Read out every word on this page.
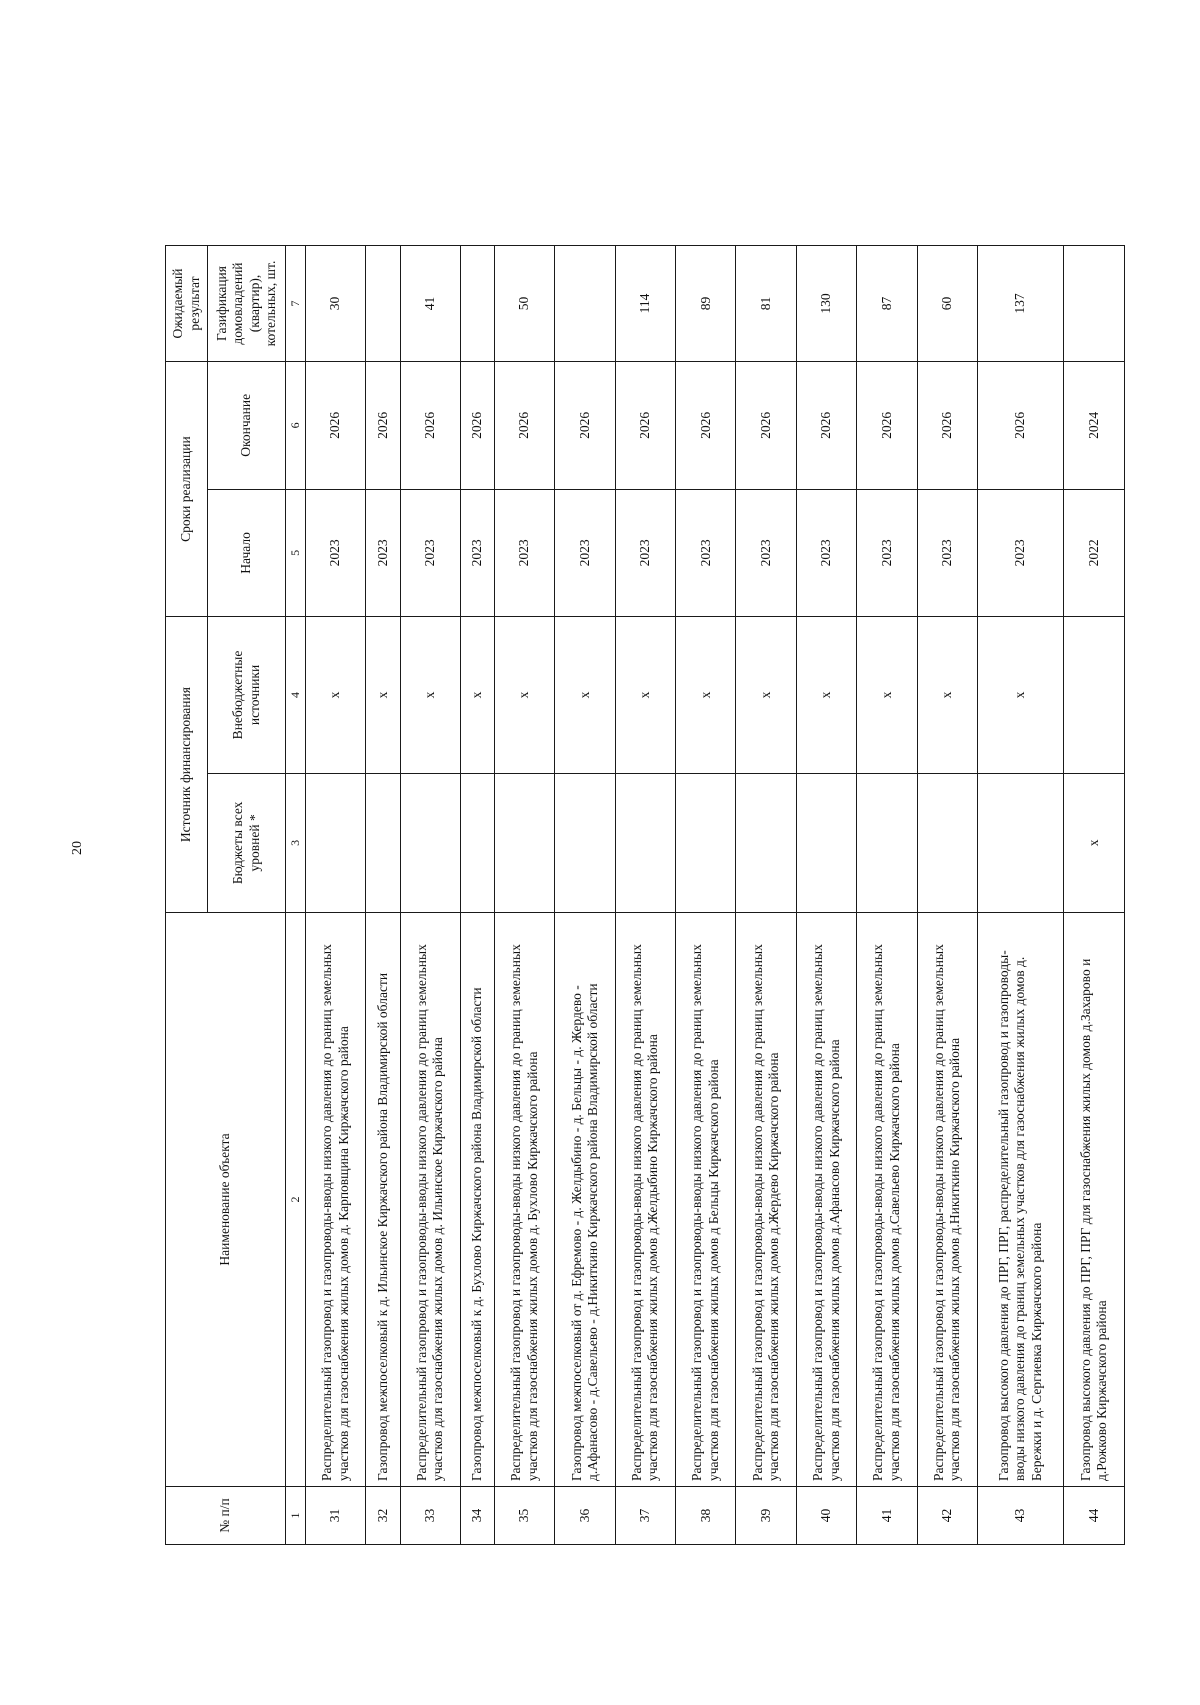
20
№ п/п	Наименование объекта	Источник финансирования		Сроки реализации		Ожидаемый результат
		Бюджеты всех уровней *	Внебюджетные источники	Начало	Окончание	Газификация домовладений (квартир), котельных, шт.
1	2	3	4	5	6	7
31	Распределительный газопровод и газопроводы-вводы низкого давления до границ земельных участков для газоснабжения жилых домов д. Карповщина Киржачского района		x	2023	2026	30
32	Газопровод межпоселковый к д. Ильинское Киржачского района Владимирской области		x	2023	2026	
33	Распределительный газопровод и газопроводы-вводы низкого давления до границ земельных участков для газоснабжения жилых домов д. Ильинское Киржачского района		x	2023	2026	41
34	Газопровод межпоселковый к д. Бухлово Киржачского района Владимирской области		x	2023	2026	
35	Распределительный газопровод и газопроводы-вводы низкого давления до границ земельных участков для газоснабжения жилых домов д. Бухлово Киржачского района		x	2023	2026	50
36	Газопровод межпоселковый от д. Ефремово - д. Желдыбино - д. Бельцы - д. Жердево - д.Афанасово - д.Савельево - д.Никиткино Киржачского района Владимирской области		x	2023	2026	
37	Распределительный газопровод и газопроводы-вводы низкого давления до границ земельных участков для газоснабжения жилых домов д.Желдыбино Киржачского района		x	2023	2026	114
38	Распределительный газопровод и газопроводы-вводы низкого давления до границ земельных участков для газоснабжения жилых домов д Бельцы Киржачского района		x	2023	2026	89
39	Распределительный газопровод и газопроводы-вводы низкого давления до границ земельных участков для газоснабжения жилых домов д.Жердево Киржачского района		x	2023	2026	81
40	Распределительный газопровод и газопроводы-вводы низкого давления до границ земельных участков для газоснабжения жилых домов д.Афанасово Киржачского района		x	2023	2026	130
41	Распределительный газопровод и газопроводы-вводы низкого давления до границ земельных участков для газоснабжения жилых домов д.Савельево Киржачского района		x	2023	2026	87
42	Распределительный газопровод и газопроводы-вводы низкого давления до границ земельных участков для газоснабжения жилых домов д.Никиткино Киржачского района		x	2023	2026	60
43	Газопровод высокого давления до ПРГ, ПРГ, распределительный газопровод и газопроводы-вводы низкого давления до границ земельных участков для газоснабжения жилых домов д. Бережки и д. Сергиевка Киржачского района		x	2023	2026	137
44	Газопровод высокого давления до ПРГ, ПРГ для газоснабжения жилых домов д.Захарово и д.Рожково Киржачского района	x		2022	2024	
